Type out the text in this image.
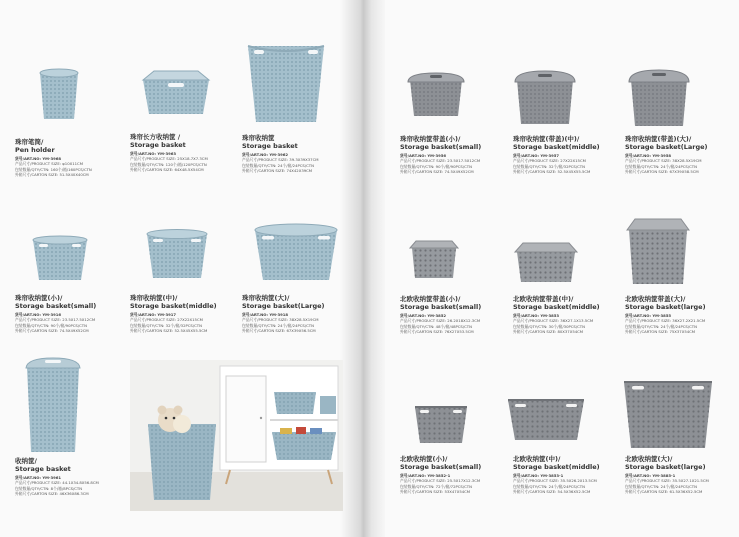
珠帘笔筒/
Pen holder
货号/ART.NO: YM-3968
产品尺寸/PRODUCT SIZE: φ10X11CM
包装数量/QTY/CTN: 160个/箱/160PCS/CTN
外箱尺寸/CARTON SIZE: 51.5X40X40CM
珠帘长方收纳筐 /
Storage basket
货号/ART.NO: YM-3963
产品尺寸/PRODUCT SIZE: 25X18.7X7.3CM
包装数量/QTY/CTN: 120个/箱/120PCS/CTN
外箱尺寸/CARTON SIZE: 64X48.5X54CM
珠帘收纳筐
Storage basket
货号/ART.NO: YM-3962
产品尺寸/PRODUCT SIZE: 39.3X39X37CM
包装数量/QTY/CTN: 24个/箱/24PCS/CTN
外箱尺寸/CARTON SIZE: 74X42X39CM
珠帘收纳筐(小)/
Storage basket(small)
货号/ART.NO: YM-3916
产品尺寸/PRODUCT SIZE: 23.5X17.5X12CM
包装数量/QTY/CTN: 90个/箱/90PCS/CTN
外箱尺寸/CARTON SIZE: 74.5X49X52CM
珠帘收纳筐(中)/
Storage basket(middle)
货号/ART.NO: YM-3917
产品尺寸/PRODUCT SIZE: 27X22X15CM
包装数量/QTY/CTN: 32个/箱/32PCS/CTN
外箱尺寸/CARTON SIZE: 52.5X45X55.5CM
珠帘收纳筐(大)/
Storage basket(Large)
货号/ART.NO: YM-3918
产品尺寸/PRODUCT SIZE: 38X28.5X19CM
包装数量/QTY/CTN: 24个/箱/24PCS/CTN
外箱尺寸/CARTON SIZE: 67X39X56.5CM
收纳筐/
Storage basket
货号/ART.NO: YM-3961
产品尺寸/PRODUCT SIZE: 44.1X34.8X56.8CM
包装数量/QTY/CTN: 8个/箱/8PCS/CTN
外箱尺寸/CARTON SIZE: 46X36X86.3CM
珠帘收纳筐带盖(小)/
Storage basket(small)
货号/ART.NO: YM-3956
产品尺寸/PRODUCT SIZE: 23.5X17.5X12CM
包装数量/QTY/CTN: 90个/箱/90PCS/CTN
外箱尺寸/CARTON SIZE: 74.5X49X52CM
珠帘收纳筐(带盖)(中)/
Storage basket(middle)
货号/ART.NO: YM-3957
产品尺寸/PRODUCT SIZE: 27X22X15CM
包装数量/QTY/CTN: 32个/箱/32PCS/CTN
外箱尺寸/CARTON SIZE: 52.5X45X55.5CM
珠帘收纳筐(带盖)(大)/
Storage basket(Large)
货号/ART.NO: YM-3958
产品尺寸/PRODUCT SIZE: 38X28.5X19CM
包装数量/QTY/CTN: 24个/箱/24PCS/CTN
外箱尺寸/CARTON SIZE: 67X39X58.5CM
北欧收纳筐带盖(小)/
Storage basket(small)
货号/ART.NO: YM-3852
产品尺寸/PRODUCT SIZE: 26.2X18X12.3CM
包装数量/QTY/CTN: 48个/箱/48PCS/CTN
外箱尺寸/CARTON SIZE: 76X27X53.5CM
北欧收纳筐带盖(中)/
Storage basket(middle)
货号/ART.NO: YM-3853
产品尺寸/PRODUCT SIZE: 36X27.1X13.5CM
包装数量/QTY/CTN: 30个/箱/30PCS/CTN
外箱尺寸/CARTON SIZE: 80X37X54CM
北欧收纳筐带盖(大)/
Storage basket(large)
货号/ART.NO: YM-3855
产品尺寸/PRODUCT SIZE: 36X27.2X21.5CM
包装数量/QTY/CTN: 24个/箱/24PCS/CTN
外箱尺寸/CARTON SIZE: 75X37X54CM
北欧收纳筐(小)/
Storage basket(small)
货号/ART.NO: YM-3852-1
产品尺寸/PRODUCT SIZE: 25.5X17X12.3CM
包装数量/QTY/CTN: 72个/箱/72PCS/CTN
外箱尺寸/CARTON SIZE: 53X47X54CM
北欧收纳筐(中)/
Storage basket(middle)
货号/ART.NO: YM-3853-1
产品尺寸/PRODUCT SIZE: 35.5X26.2X13.5CM
包装数量/QTY/CTN: 24个/箱/24PCS/CTN
外箱尺寸/CARTON SIZE: 54.5X36X52.5CM
北欧收纳筐(大)/
Storage basket(large)
货号/ART.NO: YM-3885-1
产品尺寸/PRODUCT SIZE: 35.5X27.1X21.5CM
包装数量/QTY/CTN: 24个/箱/24PCS/CTN
外箱尺寸/CARTON SIZE: 61.5X36X52.5CM
